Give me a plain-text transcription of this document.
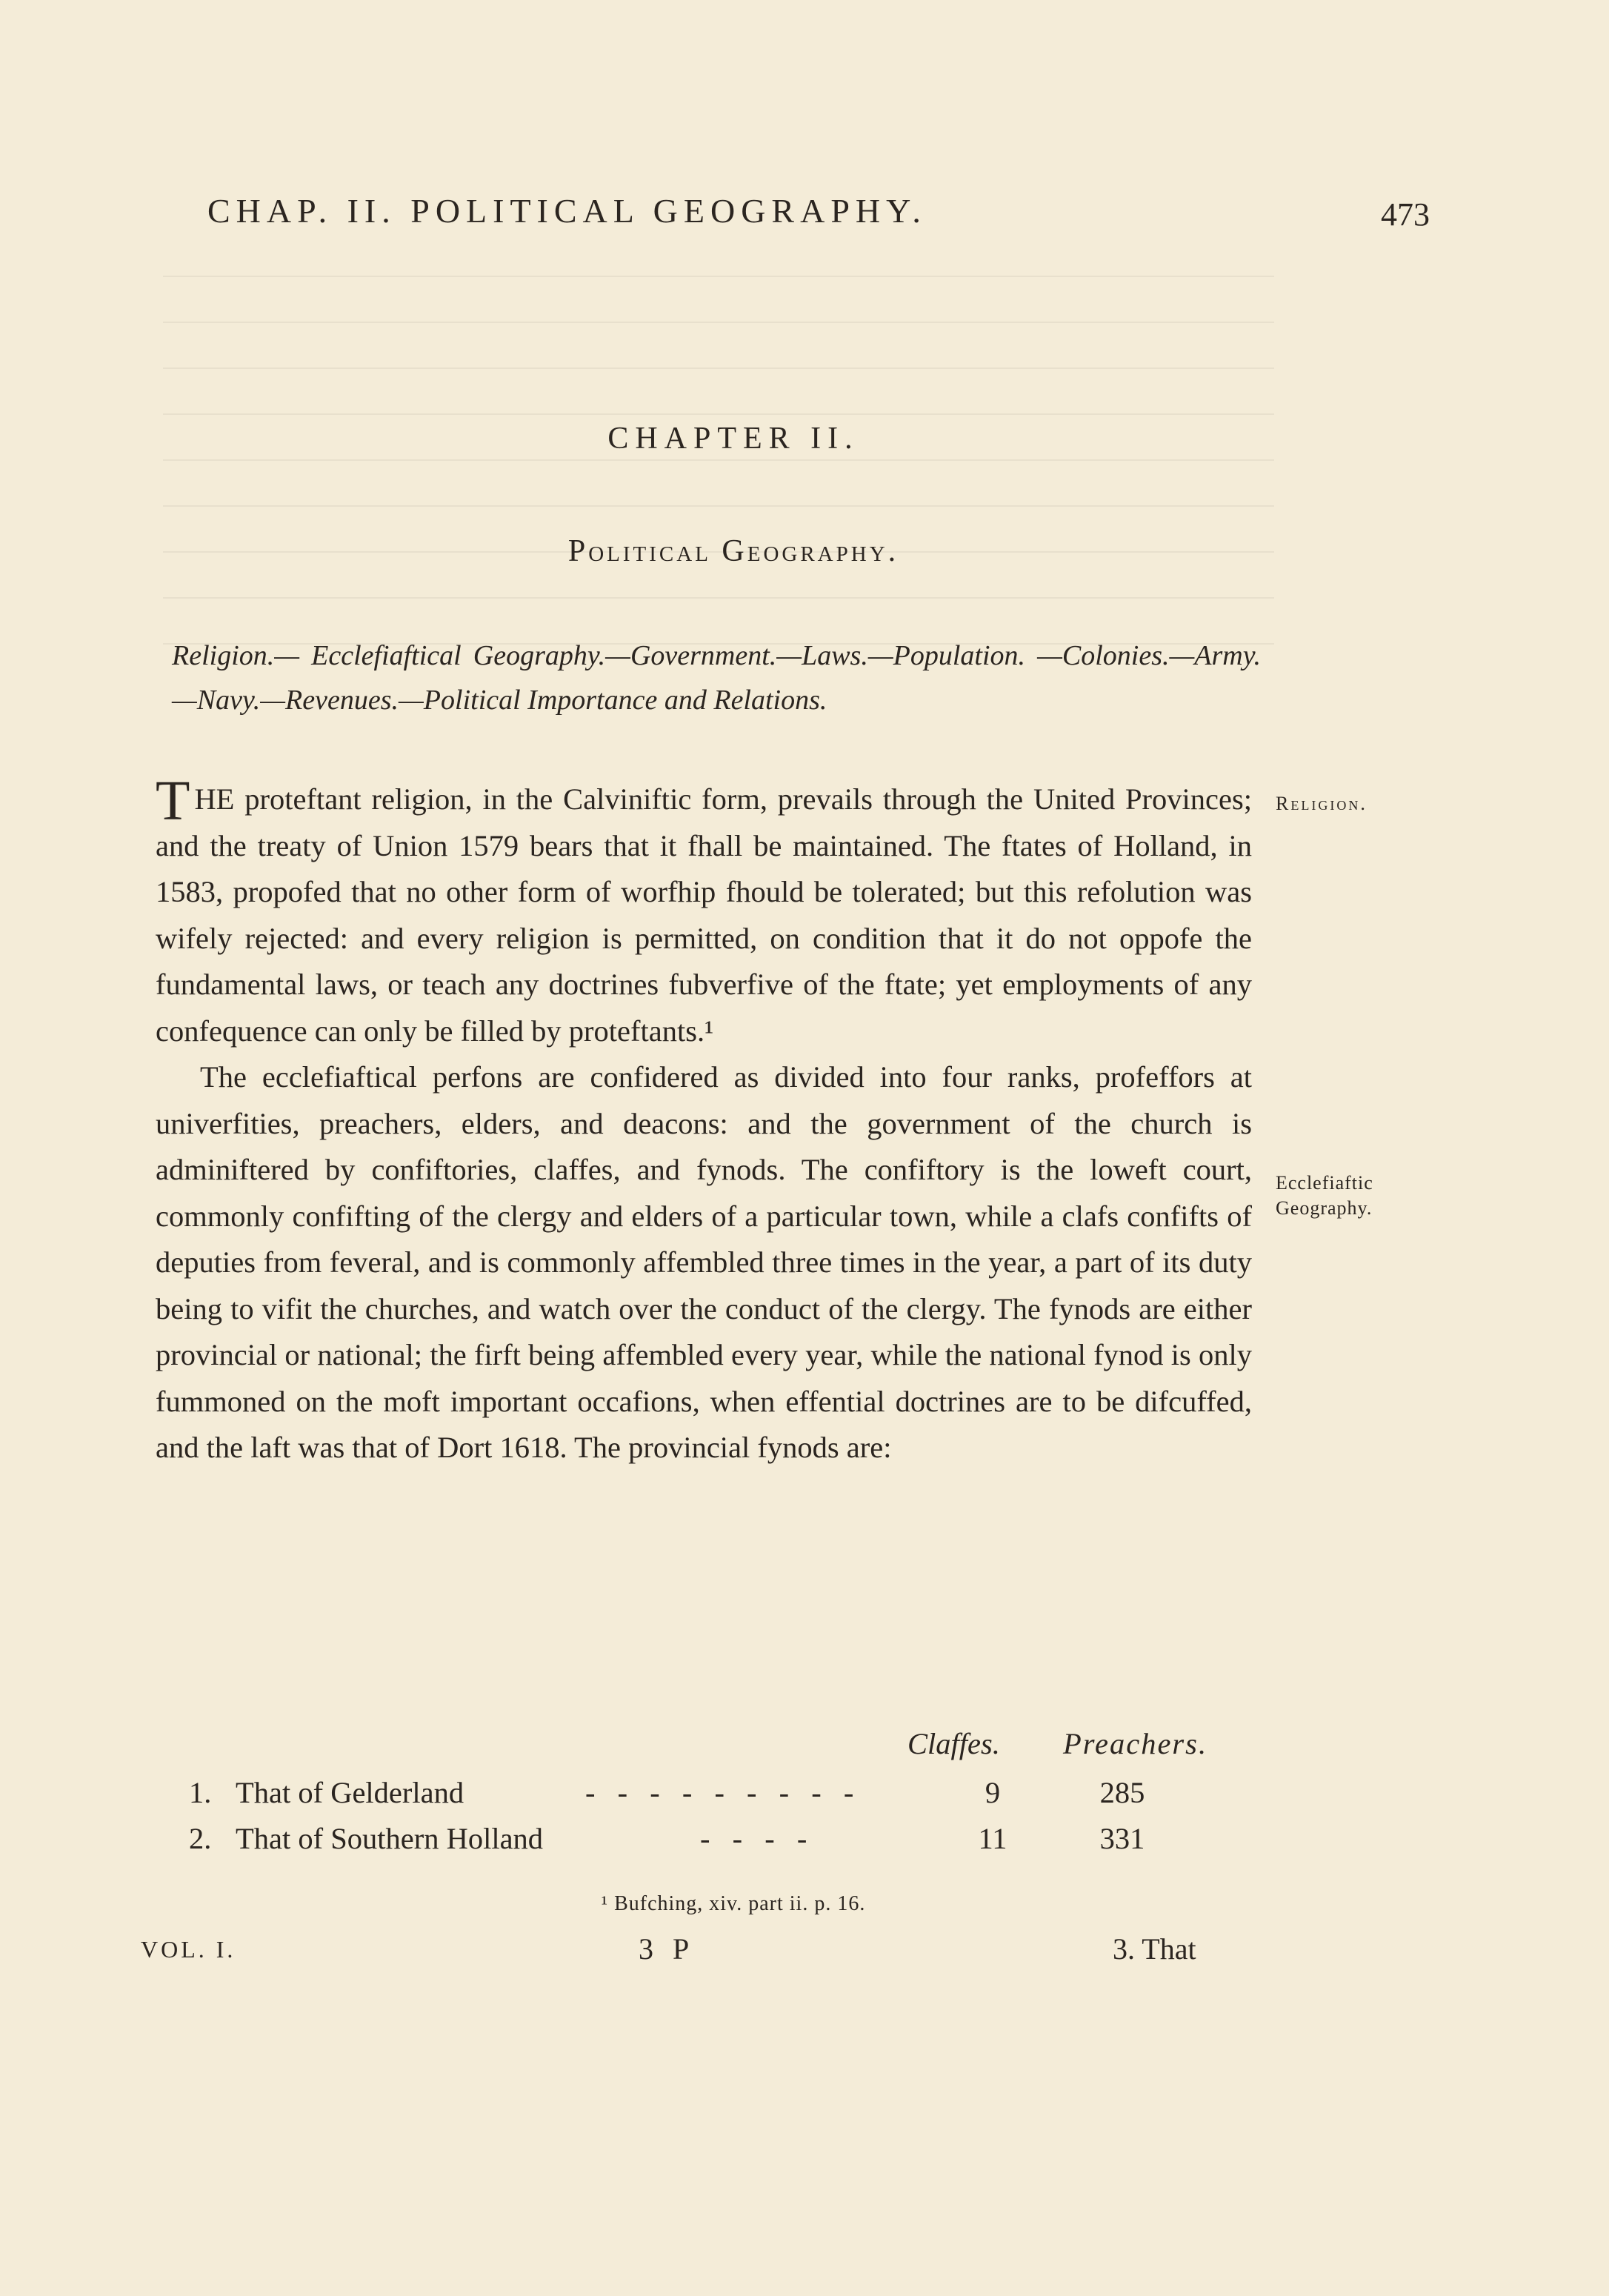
CHAP. II. POLITICAL GEOGRAPHY.	473
CHAPTER II.
Political Geography.
Religion.— Ecclefiaftical Geography.—Government.—Laws.—Population. —Colonies.—Army.—Navy.—Revenues.—Political Importance and Relations.
Religion.
Ecclefiaftic Geography.

THE proteftant religion, in the Calviniftic form, prevails through the United Provinces; and the treaty of Union 1579 bears that it fhall be maintained. The ftates of Holland, in 1583, propofed that no other form of worfhip fhould be tolerated; but this refolution was wifely rejected: and every religion is permitted, on condition that it do not oppofe the fundamental laws, or teach any doctrines fubverfive of the ftate; yet employments of any confequence can only be filled by proteftants.¹

The ecclefiaftical perfons are confidered as divided into four ranks, profeffors at univerfities, preachers, elders, and deacons: and the government of the church is adminiftered by confiftories, claffes, and fynods. The confiftory is the loweft court, commonly confifting of the clergy and elders of a particular town, while a clafs confifts of deputies from feveral, and is commonly affembled three times in the year, a part of its duty being to vifit the churches, and watch over the conduct of the clergy. The fynods are either provincial or national; the firft being affembled every year, while the national fynod is only fummoned on the moft important occafions, when effential doctrines are to be difcuffed, and the laft was that of Dort 1618. The provincial fynods are:

Claffes. Preachers.
1. That of Gelderland	- - - - - - - - -	9	285
2. That of Southern Holland	- - - -	11	331
¹ Bufching, xiv. part ii. p. 16.
VOL. I.	3 P	3. That
